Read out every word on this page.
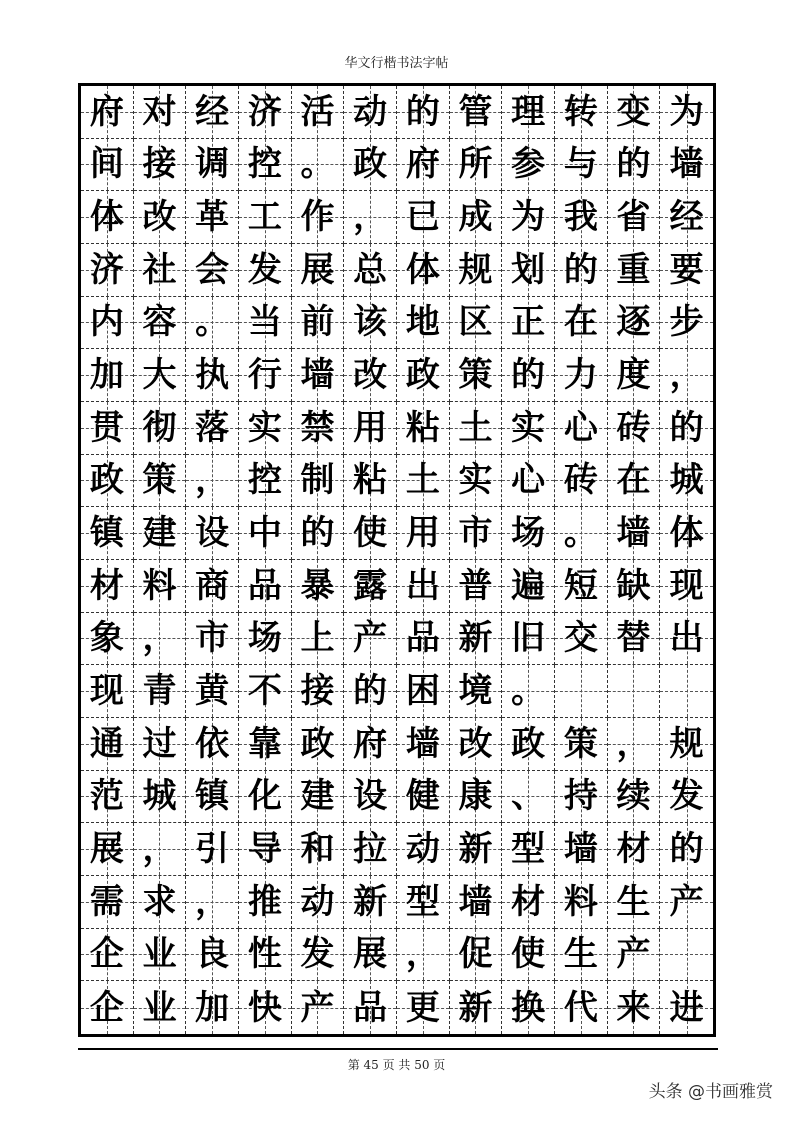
华文行楷书法字帖
府 对 经 济 活 动 的 管 理 转 变 为
间 接 调 控 。 政 府 所 参 与 的 墙
体 改 革 工 作 ， 已 成 为 我 省 经
济 社 会 发 展 总 体 规 划 的 重 要
内 容 。 当 前 该 地 区 正 在 逐 步
加 大 执 行 墙 改 政 策 的 力 度 ，
贯 彻 落 实 禁 用 粘 土 实 心 砖 的
政 策 ， 控 制 粘 土 实 心 砖 在 城
镇 建 设 中 的 使 用 市 场 。 墙 体
材 料 商 品 暴 露 出 普 遍 短 缺 现
象 ， 市 场 上 产 品 新 旧 交 替 出
现 青 黄 不 接 的 困 境 。
通 过 依 靠 政 府 墙 改 政 策 ， 规
范 城 镇 化 建 设 健 康 、 持 续 发
展 ， 引 导 和 拉 动 新 型 墙 材 的
需 求 ， 推 动 新 型 墙 材 料 生 产
企 业 良 性 发 展 ， 促 使 生 产
企 业 加 快 产 品 更 新 换 代 来 进
第 45 页 共 50 页
头条 @书画雅赏
